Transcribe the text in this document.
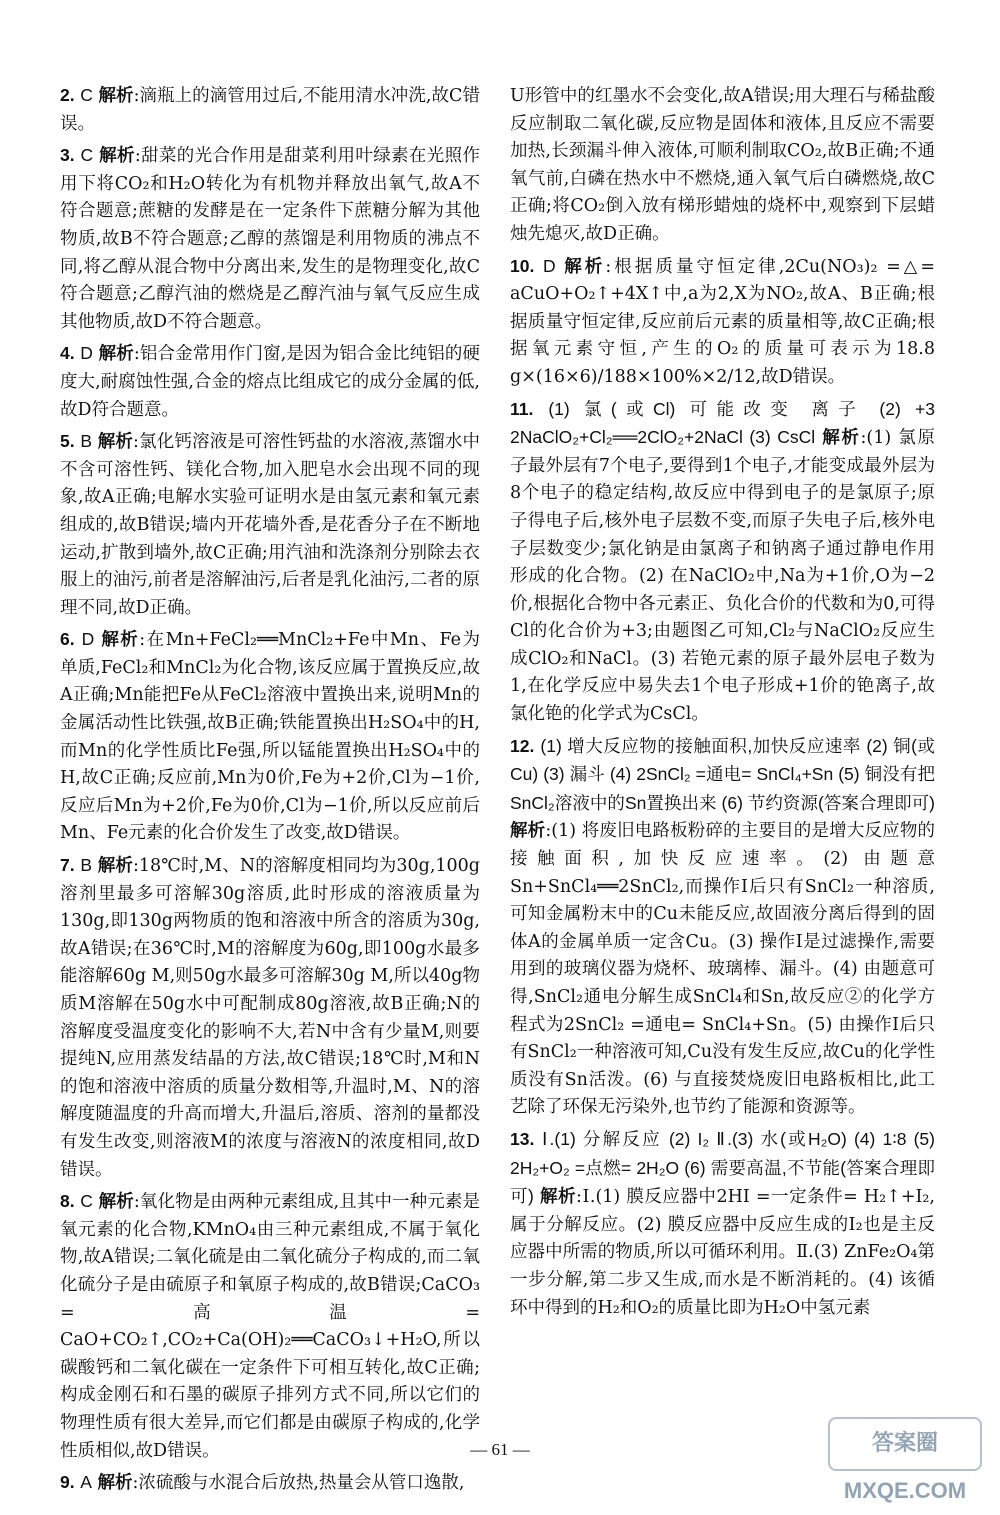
2. C 解析:滴瓶上的滴管用过后,不能用清水冲洗,故C错误。
3. C 解析:甜菜的光合作用是甜菜利用叶绿素在光照作用下将CO₂和H₂O转化为有机物并释放出氧气,故A不符合题意;蔗糖的发酵是在一定条件下蔗糖分解为其他物质,故B不符合题意;乙醇的蒸馏是利用物质的沸点不同,将乙醇从混合物中分离出来,发生的是物理变化,故C符合题意;乙醇汽油的燃烧是乙醇汽油与氧气反应生成其他物质,故D不符合题意。
4. D 解析:铝合金常用作门窗,是因为铝合金比纯铝的硬度大,耐腐蚀性强,合金的熔点比组成它的成分金属的低,故D符合题意。
5. B 解析:氯化钙溶液是可溶性钙盐的水溶液,蒸馏水中不含可溶性钙、镁化合物,加入肥皂水会出现不同的现象,故A正确;电解水实验可证明水是由氢元素和氧元素组成的,故B错误;墙内开花墙外香,是花香分子在不断地运动,扩散到墙外,故C正确;用汽油和洗涤剂分别除去衣服上的油污,前者是溶解油污,后者是乳化油污,二者的原理不同,故D正确。
6. D 解析:在Mn+FeCl₂══MnCl₂+Fe中Mn、Fe为单质,FeCl₂和MnCl₂为化合物,该反应属于置换反应,故A正确;Mn能把Fe从FeCl₂溶液中置换出来,说明Mn的金属活动性比铁强,故B正确;铁能置换出H₂SO₄中的H,而Mn的化学性质比Fe强,所以锰能置换出H₂SO₄中的H,故C正确;反应前,Mn为0价,Fe为+2价,Cl为−1价,反应后Mn为+2价,Fe为0价,Cl为−1价,所以反应前后Mn、Fe元素的化合价发生了改变,故D错误。
7. B 解析:18℃时,M、N的溶解度相同均为30g,100g溶剂里最多可溶解30g溶质,此时形成的溶液质量为130g,即130g两物质的饱和溶液中所含的溶质为30g,故A错误;在36℃时,M的溶解度为60g,即100g水最多能溶解60g M,则50g水最多可溶解30g M,所以40g物质M溶解在50g水中可配制成80g溶液,故B正确;N的溶解度受温度变化的影响不大,若N中含有少量M,则要提纯N,应用蒸发结晶的方法,故C错误;18℃时,M和N的饱和溶液中溶质的质量分数相等,升温时,M、N的溶解度随温度的升高而增大,升温后,溶质、溶剂的量都没有发生改变,则溶液M的浓度与溶液N的浓度相同,故D错误。
8. C 解析:氧化物是由两种元素组成,且其中一种元素是氧元素的化合物,KMnO₄由三种元素组成,不属于氧化物,故A错误;二氧化硫是由二氧化硫分子构成的,而二氧化硫分子是由硫原子和氧原子构成的,故B错误;CaCO₃ =高温= CaO+CO₂↑,CO₂+Ca(OH)₂══CaCO₃↓+H₂O,所以碳酸钙和二氧化碳在一定条件下可相互转化,故C正确;构成金刚石和石墨的碳原子排列方式不同,所以它们的物理性质有很大差异,而它们都是由碳原子构成的,化学性质相似,故D错误。
9. A 解析:浓硫酸与水混合后放热,热量会从管口逸散,
U形管中的红墨水不会变化,故A错误;用大理石与稀盐酸反应制取二氧化碳,反应物是固体和液体,且反应不需要加热,长颈漏斗伸入液体,可顺利制取CO₂,故B正确;不通氧气前,白磷在热水中不燃烧,通入氧气后白磷燃烧,故C正确;将CO₂倒入放有梯形蜡烛的烧杯中,观察到下层蜡烛先熄灭,故D正确。
10. D 解析:根据质量守恒定律,2Cu(NO₃)₂ =△= aCuO+O₂↑+4X↑中,a为2,X为NO₂,故A、B正确;根据质量守恒定律,反应前后元素的质量相等,故C正确;根据氧元素守恒,产生的O₂的质量可表示为18.8 g×(16×6)/188×100%×2/12,故D错误。
11. (1) 氯(或Cl) 可能改变 离子 (2) +3 2NaClO₂+Cl₂══2ClO₂+2NaCl (3) CsCl 解析:(1) 氯原子最外层有7个电子,要得到1个电子,才能变成最外层为8个电子的稳定结构,故反应中得到电子的是氯原子;原子得电子后,核外电子层数不变,而原子失电子后,核外电子层数变少;氯化钠是由氯离子和钠离子通过静电作用形成的化合物。(2) 在NaClO₂中,Na为+1价,O为−2价,根据化合物中各元素正、负化合价的代数和为0,可得Cl的化合价为+3;由题图乙可知,Cl₂与NaClO₂反应生成ClO₂和NaCl。(3) 若铯元素的原子最外层电子数为1,在化学反应中易失去1个电子形成+1价的铯离子,故氯化铯的化学式为CsCl。
12. (1) 增大反应物的接触面积,加快反应速率 (2) 铜(或Cu) (3) 漏斗 (4) 2SnCl₂ =通电= SnCl₄+Sn (5) 铜没有把SnCl₂溶液中的Sn置换出来 (6) 节约资源(答案合理即可) 解析:(1) 将废旧电路板粉碎的主要目的是增大反应物的接触面积,加快反应速率。(2) 由题意Sn+SnCl₄══2SnCl₂,而操作Ⅰ后只有SnCl₂一种溶质,可知金属粉末中的Cu未能反应,故固液分离后得到的固体A的金属单质一定含Cu。(3) 操作Ⅰ是过滤操作,需要用到的玻璃仪器为烧杯、玻璃棒、漏斗。(4) 由题意可得,SnCl₂通电分解生成SnCl₄和Sn,故反应②的化学方程式为2SnCl₂ =通电= SnCl₄+Sn。(5) 由操作Ⅰ后只有SnCl₂一种溶液可知,Cu没有发生反应,故Cu的化学性质没有Sn活泼。(6) 与直接焚烧废旧电路板相比,此工艺除了环保无污染外,也节约了能源和资源等。
13. Ⅰ.(1) 分解反应 (2) I₂ Ⅱ.(3) 水(或H₂O) (4) 1∶8 (5) 2H₂+O₂ =点燃= 2H₂O (6) 需要高温,不节能(答案合理即可) 解析:Ⅰ.(1) 膜反应器中2HI =一定条件= H₂↑+I₂,属于分解反应。(2) 膜反应器中反应生成的I₂也是主反应器中所需的物质,所以可循环利用。Ⅱ.(3) ZnFe₂O₄第一步分解,第二步又生成,而水是不断消耗的。(4) 该循环中得到的H₂和O₂的质量比即为H₂O中氢元素
— 61 —	答案圈 MXQE.COM
